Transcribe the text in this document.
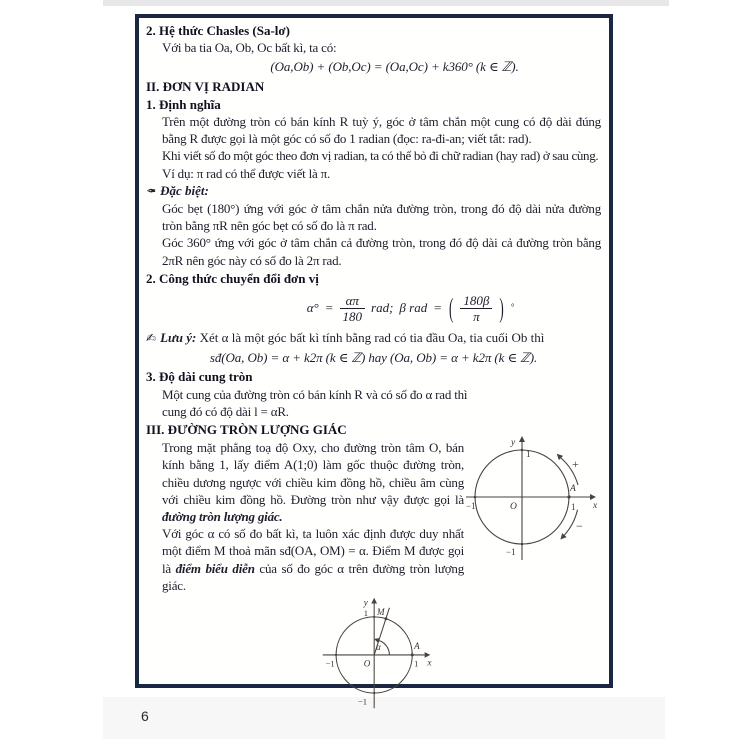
2. Hệ thức Chasles (Sa-lơ)
Với ba tia Oa, Ob, Oc bất kì, ta có:
(Oa,Ob) + (Ob,Oc) = (Oa,Oc) + k360° (k ∈ ℤ).
II. ĐƠN VỊ RADIAN
1. Định nghĩa
Trên một đường tròn có bán kính R tuỳ ý, góc ở tâm chắn một cung có độ dài đúng bằng R được gọi là một góc có số đo 1 radian (đọc: ra-đi-an; viết tắt: rad).
Khi viết số đo một góc theo đơn vị radian, ta có thể bỏ đi chữ radian (hay rad) ở sau cùng.
Ví dụ: π rad có thể được viết là π.
✒ Đặc biệt:
Góc bẹt (180°) ứng với góc ở tâm chắn nửa đường tròn, trong đó độ dài nửa đường tròn bằng πR nên góc bẹt có số đo là π rad.
Góc 360° ứng với góc ở tâm chắn cả đường tròn, trong đó độ dài cả đường tròn bằng 2πR nên góc này có số đo là 2π rad.
2. Công thức chuyển đổi đơn vị
$\alpha^\circ = \frac{\alpha\pi}{180}$ rad; β rad = ( $\frac{180\beta}{\pi}$ ) °
✍ Lưu ý: Xét α là một góc bất kì tính bằng rad có tia đầu Oa, tia cuối Ob thì
sđ(Oa, Ob) = α + k2π (k ∈ ℤ) hay (Oa, Ob) = α + k2π (k ∈ ℤ).
3. Độ dài cung tròn
Một cung của đường tròn có bán kính R và có số đo α rad thì
cung đó có độ dài l = αR.
III. ĐƯỜNG TRÒN LƯỢNG GIÁC
Trong mặt phẳng toạ độ Oxy, cho đường tròn tâm O, bán kính bằng 1, lấy điểm A(1;0) làm gốc thuộc đường tròn, chiều dương ngược với chiều kim đồng hồ, chiều âm cùng với chiều kim đồng hồ. Đường tròn như vậy được gọi là đường tròn lượng giác.
Với góc α có số đo bất kì, ta luôn xác định được duy nhất một điểm M thoả mãn sđ(OA, OM) = α. Điểm M được gọi là điểm biểu diễn của số đo góc α trên đường tròn lượng giác.
y
x
O
A
1
1
−1
−1
+
−
y
x
O
A
M
α
1
1
−1
−1
6
